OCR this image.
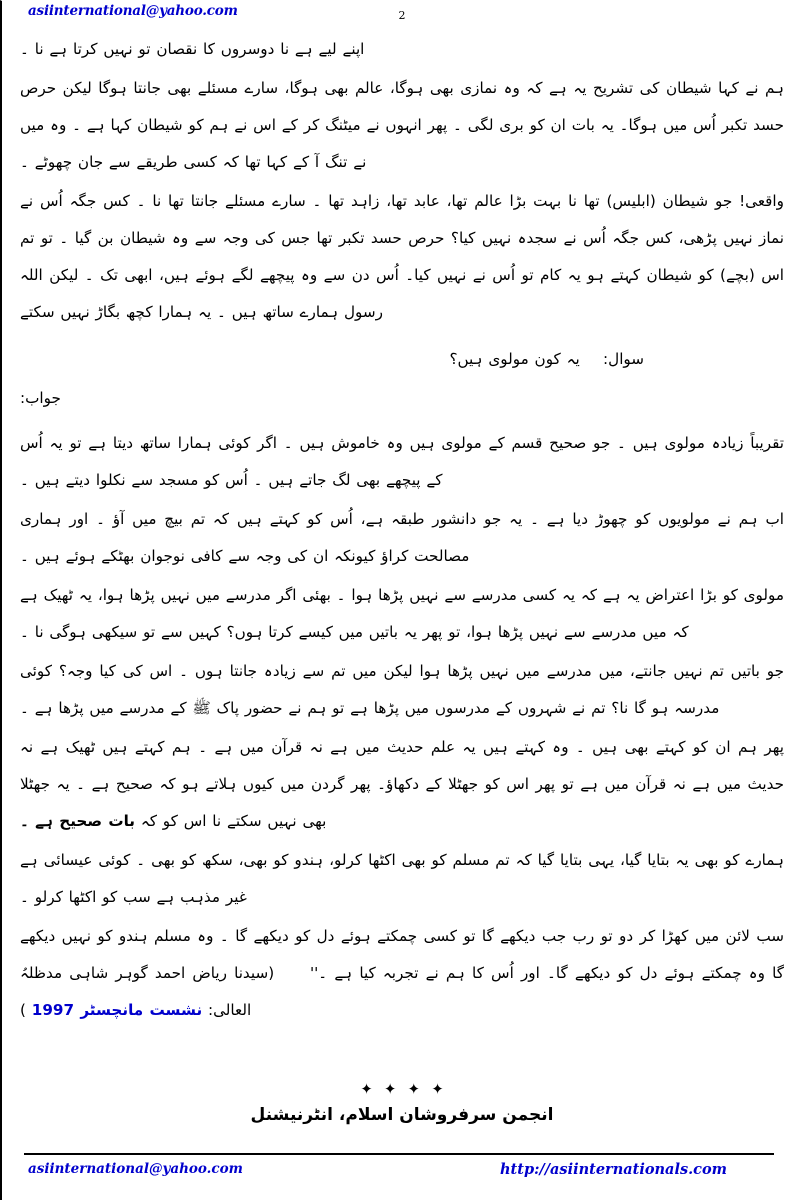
asiinternational@yahoo.com	2

اپنے لیے ہے نا دوسروں کا نقصان تو نہیں کرتا ہے نا ۔

ہم نے کہا شیطان کی تشریح یہ ہے کہ وہ نمازی بھی ہوگا، عالم بھی ہوگا، سارے مسئلے بھی جانتا ہوگا لیکن حرص حسد تکبر اُس میں ہوگا۔ یہ بات ان کو بری لگی ۔ پھر انہوں نے میٹنگ کر کے اس نے ہم کو شیطان کہا ہے ۔ وہ میں نے تنگ آ کے کہا تھا کہ کسی طریقے سے جان چھوٹے ۔

واقعی! جو شیطان (ابلیس) تھا نا بہت بڑا عالم تھا، عابد تھا، زاہد تھا ۔ سارے مسئلے جانتا تھا نا ۔ کس جگہ اُس نے نماز نہیں پڑھی، کس جگہ اُس نے سجدہ نہیں کیا؟ حرص حسد تکبر تھا جس کی وجہ سے وہ شیطان بن گیا ۔ تو تم اس (بچے) کو شیطان کہتے ہو یہ کام تو اُس نے نہیں کیا۔ اُس دن سے وہ پیچھے لگے ہوئے ہیں، ابھی تک ۔ لیکن اللہ رسول ہمارے ساتھ ہیں ۔ یہ ہمارا کچھ بگاڑ نہیں سکتے

سوال:    یہ کون مولوی ہیں؟

جواب:

تقریباً زیادہ مولوی ہیں ۔ جو صحیح قسم کے مولوی ہیں وہ خاموش ہیں ۔ اگر کوئی ہمارا ساتھ دیتا ہے تو یہ اُس کے پیچھے بھی لگ جاتے ہیں ۔ اُس کو مسجد سے نکلوا دیتے ہیں ۔

اب ہم نے مولویوں کو چھوڑ دیا ہے ۔ یہ جو دانشور طبقہ ہے، اُس کو کہتے ہیں کہ تم بیچ میں آؤ ۔ اور ہماری مصالحت کراؤ کیونکہ ان کی وجہ سے کافی نوجوان بھٹکے ہوئے ہیں ۔

مولوی کو بڑا اعتراض یہ ہے کہ یہ کسی مدرسے سے نہیں پڑھا ہوا ۔ بھئی اگر مدرسے میں نہیں پڑھا ہوا، یہ ٹھیک ہے کہ میں مدرسے سے نہیں پڑھا ہوا، تو پھر یہ باتیں میں کیسے کرتا ہوں؟ کہیں سے تو سیکھی ہوگی نا ۔

جو باتیں تم نہیں جانتے، میں مدرسے میں نہیں پڑھا ہوا لیکن میں تم سے زیادہ جانتا ہوں ۔ اس کی کیا وجہ؟ کوئی مدرسہ ہو گا نا؟ تم نے شہروں کے مدرسوں میں پڑھا ہے تو ہم نے حضور پاک ﷺ کے مدرسے میں پڑھا ہے ۔

پھر ہم ان کو کہتے بھی ہیں ۔ وہ کہتے ہیں یہ علم حدیث میں ہے نہ قرآن میں ہے ۔ ہم کہتے ہیں ٹھیک ہے نہ حدیث میں ہے نہ قرآن میں ہے تو پھر اس کو جھٹلا کے دکھاؤ۔ پھر گردن میں کیوں ہلاتے ہو کہ صحیح ہے ۔ یہ جھٹلا بھی نہیں سکتے نا اس کو کہ بات صحیح ہے ۔

ہمارے کو بھی یہ بتایا گیا، یہی بتایا گیا کہ تم مسلم کو بھی اکٹھا کرلو، ہندو کو بھی، سکھ کو بھی ۔ کوئی عیسائی ہے غیر مذہب ہے سب کو اکٹھا کرلو ۔

سب لائن میں کھڑا کر دو تو رب جب دیکھے گا تو کسی چمکتے ہوئے دل کو دیکھے گا ۔ وہ مسلم ہندو کو نہیں دیکھے گا وہ چمکتے ہوئے دل کو دیکھے گا۔ اور اُس کا ہم نے تجربہ کیا ہے ۔''     (سیدنا ریاض احمد گوہر شاہی مدظلہُ العالی: نشست مانچسٹر 1997 )

✦ ✦ ✦ ✦
انجمن سرفروشان اسلام، انٹرنیشنل
asiinternational@yahoo.com	http://asiinternationals.com
